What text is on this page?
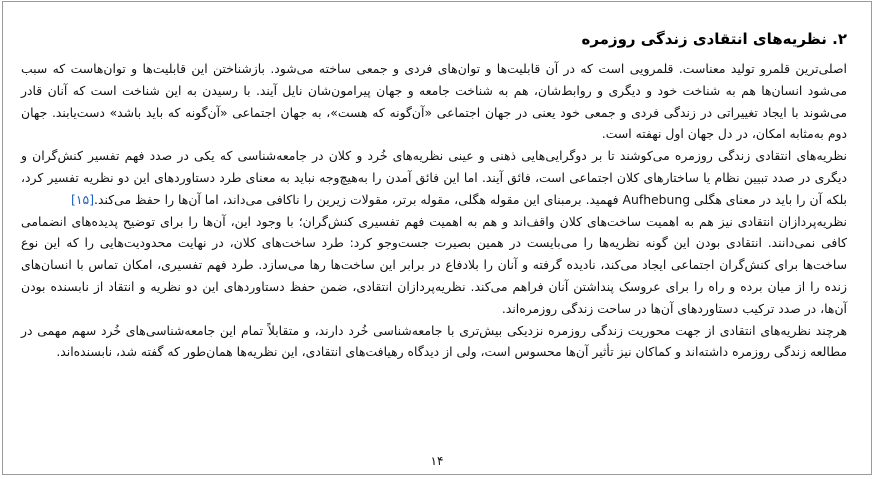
۲. نظریه‌های انتقادی زندگی روزمره

اصلی‌ترین قلمرو تولید معناست. قلمرویی است که در آن قابلیت‌ها و توان‌های فردی و جمعی ساخته می‌شود. بازشناختن این قابلیت‌ها و توان‌هاست که سبب می‌شود انسان‌ها هم به شناخت خود و دیگری و روابط‌شان، هم به شناخت جامعه و جهان پیرامون‌شان نایل آیند. با رسیدن به این شناخت است که آنان قادر می‌شوند با ایجاد تغییراتی در زندگی فردی و جمعی خود یعنی در جهان اجتماعی «آن‌گونه که هست»، به جهان اجتماعی «آن‌گونه که باید باشد» دست‌یابند. جهان دوم به‌مثابه امکان، در دل جهان اول نهفته است.

نظریه‌های انتقادی زندگی روزمره می‌کوشند تا بر دوگرایی‌هایی ذهنی و عینی نظریه‌های خُرد و کلان در جامعه‌شناسی که یکی در صدد فهم تفسیر کنش‌گران و دیگری در صدد تبیین نظام یا ساختارهای کلان اجتماعی است، فائق آیند. اما این فائق آمدن را به‌هیچ‌وجه نباید به معنای طرد دستاوردهای این دو نظریه تفسیر کرد، بلکه آن را باید در معنای هگلی Aufhebung فهمید. برمبنای این مقوله هگلی، مقوله برتر، مقولات زیرین را ناکافی می‌داند، اما آن‌ها را حفظ می‌کند.[۱۵]

نظریه‌پردازان انتقادی نیز هم به اهمیت ساخت‌های کلان واقف‌اند و هم به اهمیت فهم تفسیری کنش‌گران؛ با وجود این، آن‌ها را برای توضیح پدیده‌های انضمامی کافی نمی‌دانند. انتقادی بودن این گونه نظریه‌ها را می‌بایست در همین بصیرت جست‌وجو کرد: طرد ساخت‌های کلان، در نهایت محدودیت‌هایی را که این نوع ساخت‌ها برای کنش‌گران اجتماعی ایجاد می‌کند، نادیده گرفته و آنان را بلادفاع در برابر این ساخت‌ها رها می‌سازد. طرد فهم تفسیری، امکان تماس با انسان‌های زنده را از میان برده و راه را برای عروسک پنداشتن آنان فراهم می‌کند. نظریه‌پردازان انتقادی، ضمن حفظ دستاوردهای این دو نظریه و انتقاد از نابسنده بودن آن‌ها، در صدد ترکیب دستاوردهای آن‌ها در ساحت زندگی روزمره‌اند.

هرچند نظریه‌های انتقادی از جهت محوریت زندگی روزمره نزدیکی بیش‌تری با جامعه‌شناسی خُرد دارند، و متقابلاً تمام این جامعه‌شناسی‌های خُرد سهم مهمی در مطالعه زندگی روزمره داشته‌اند و کماکان نیز تأثیر آن‌ها محسوس است، ولی از دیدگاه رهیافت‌های انتقادی، این نظریه‌ها همان‌طور که گفته شد، نابسنده‌اند.

۱۴
